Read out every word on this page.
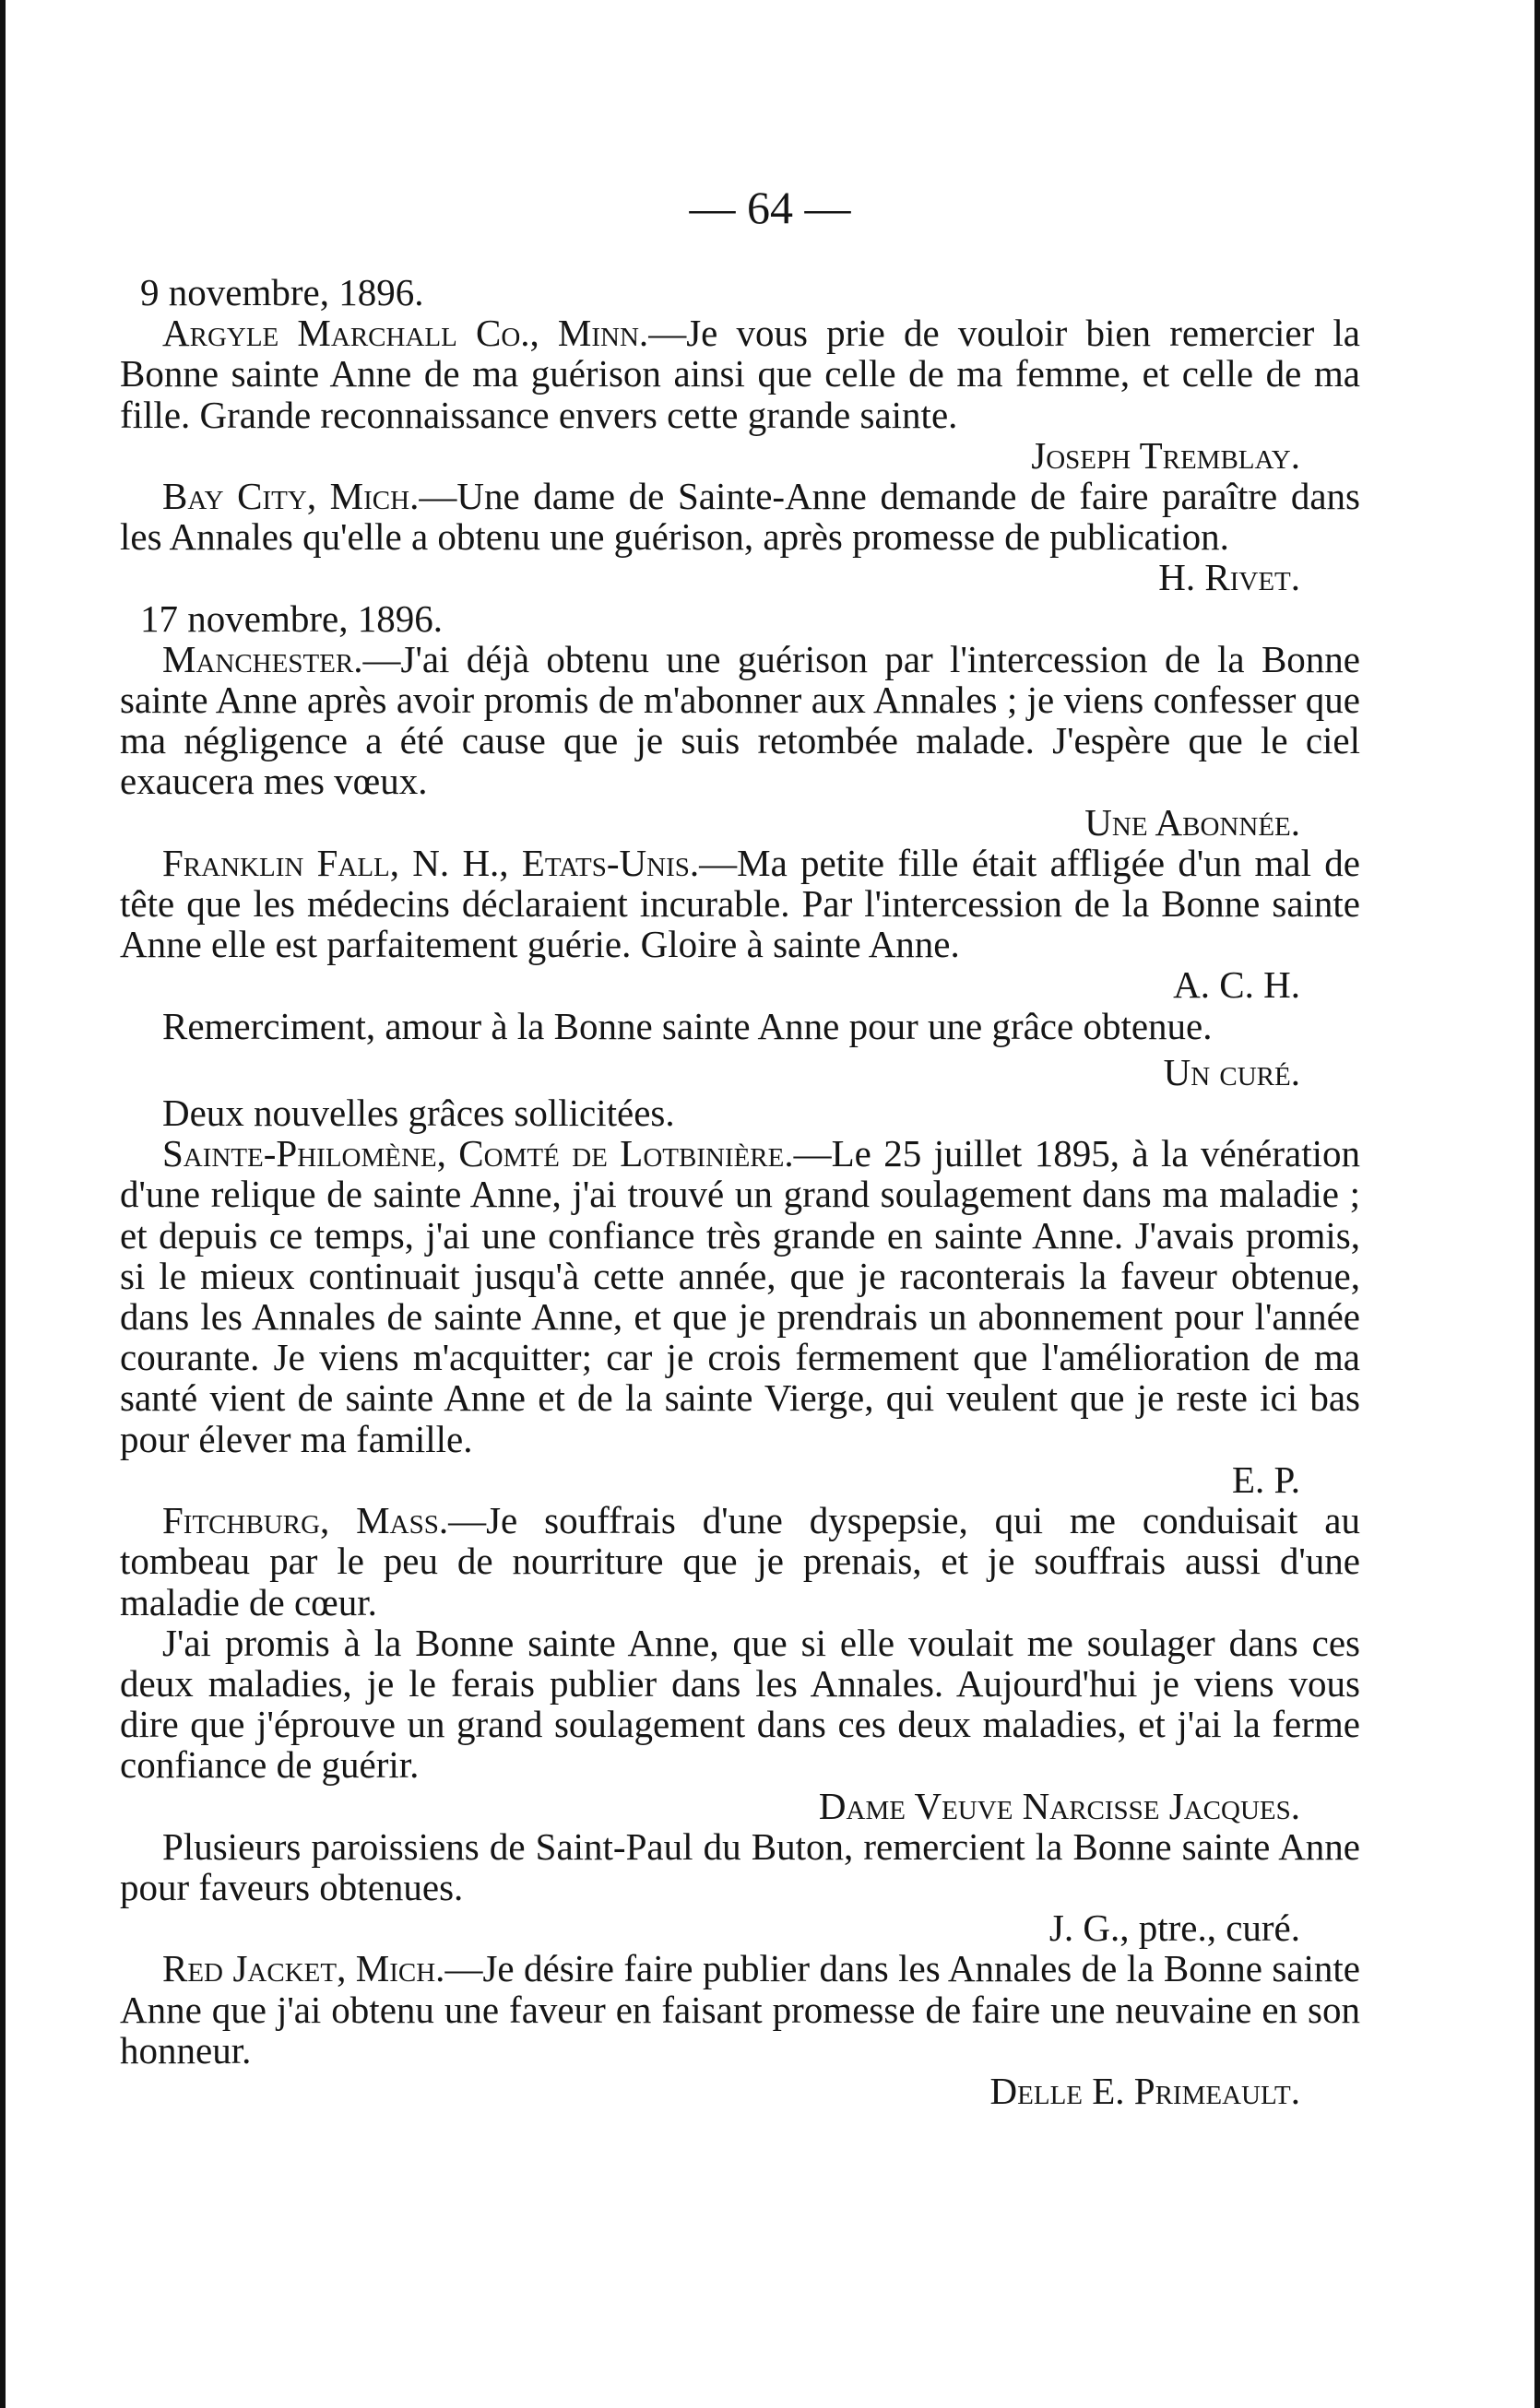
— 64 —
9 novembre, 1896.
Argyle Marchall Co., Minn.—Je vous prie de vouloir bien remercier la Bonne sainte Anne de ma guérison ainsi que celle de ma femme, et celle de ma fille. Grande reconnaissance envers cette grande sainte.
Joseph Tremblay.
Bay City, Mich.—Une dame de Sainte-Anne demande de faire paraître dans les Annales qu'elle a obtenu une guérison, après promesse de publication.
H. Rivet.
17 novembre, 1896.
Manchester.—J'ai déjà obtenu une guérison par l'intercession de la Bonne sainte Anne après avoir promis de m'abonner aux Annales ; je viens confesser que ma négligence a été cause que je suis retombée malade. J'espère que le ciel exaucera mes vœux.
Une Abonnée.
Franklin Fall, N. H., Etats-Unis.—Ma petite fille était affligée d'un mal de tête que les médecins déclaraient incurable. Par l'intercession de la Bonne sainte Anne elle est parfaitement guérie. Gloire à sainte Anne.
A. C. H.
Remerciment, amour à la Bonne sainte Anne pour une grâce obtenue.
Un curé.
Deux nouvelles grâces sollicitées.
Sainte-Philomène, Comté de Lotbinière.—Le 25 juillet 1895, à la vénération d'une relique de sainte Anne, j'ai trouvé un grand soulagement dans ma maladie ; et depuis ce temps, j'ai une confiance très grande en sainte Anne. J'avais promis, si le mieux continuait jusqu'à cette année, que je raconterais la faveur obtenue, dans les Annales de sainte Anne, et que je prendrais un abonnement pour l'année courante. Je viens m'acquitter; car je crois fermement que l'amélioration de ma santé vient de sainte Anne et de la sainte Vierge, qui veulent que je reste ici bas pour élever ma famille.
E. P.
Fitchburg, Mass.—Je souffrais d'une dyspepsie, qui me conduisait au tombeau par le peu de nourriture que je prenais, et je souffrais aussi d'une maladie de cœur.
J'ai promis à la Bonne sainte Anne, que si elle voulait me soulager dans ces deux maladies, je le ferais publier dans les Annales. Aujourd'hui je viens vous dire que j'éprouve un grand soulagement dans ces deux maladies, et j'ai la ferme confiance de guérir.
Dame Veuve Narcisse Jacques.
Plusieurs paroissiens de Saint-Paul du Buton, remercient la Bonne sainte Anne pour faveurs obtenues.
J. G., ptre., curé.
Red Jacket, Mich.—Je désire faire publier dans les Annales de la Bonne sainte Anne que j'ai obtenu une faveur en faisant promesse de faire une neuvaine en son honneur.
Delle E. Primeault.
